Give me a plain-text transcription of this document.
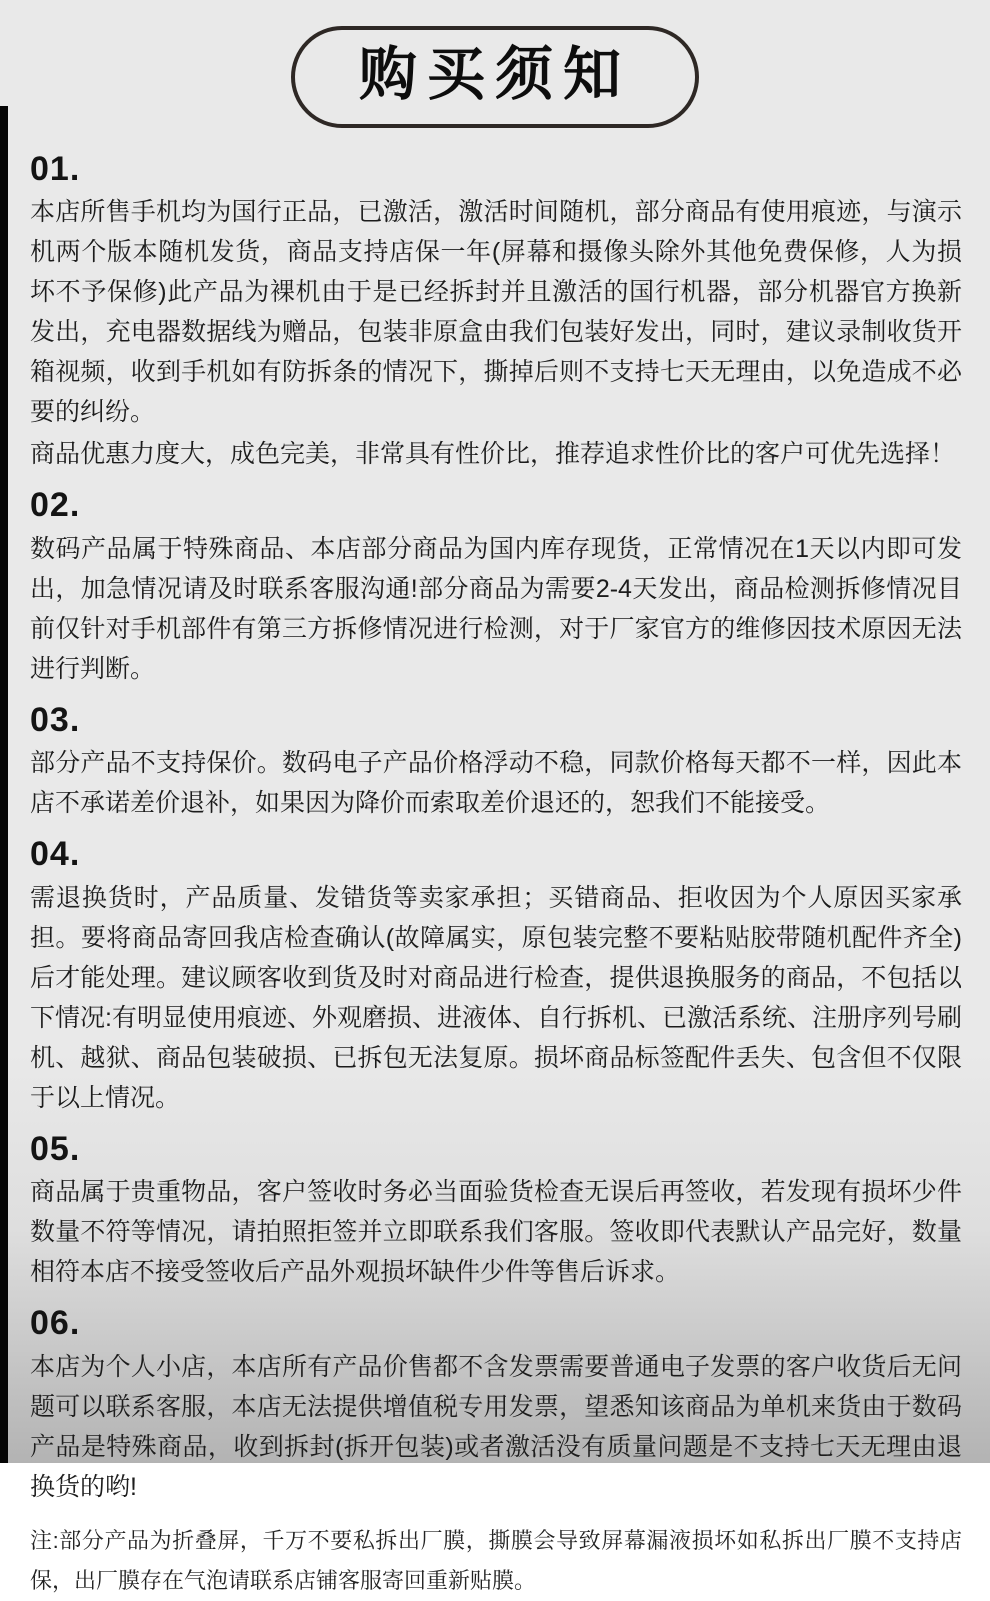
购买须知
01.

本店所售手机均为国行正品，已激活，激活时间随机，部分商品有使用痕迹，与演示机两个版本随机发货，商品支持店保一年(屏幕和摄像头除外其他免费保修，人为损坏不予保修)此产品为裸机由于是已经拆封并且激活的国行机器，部分机器官方换新发出，充电器数据线为赠品，包装非原盒由我们包装好发出，同时，建议录制收货开箱视频，收到手机如有防拆条的情况下，撕掉后则不支持七天无理由，以免造成不必要的纠纷。

商品优惠力度大，成色完美，非常具有性价比，推荐追求性价比的客户可优先选择！

02.

数码产品属于特殊商品、本店部分商品为国内库存现货，正常情况在1天以内即可发出，加急情况请及时联系客服沟通!部分商品为需要2-4天发出，商品检测拆修情况目前仅针对手机部件有第三方拆修情况进行检测，对于厂家官方的维修因技术原因无法进行判断。

03.

部分产品不支持保价。数码电子产品价格浮动不稳，同款价格每天都不一样，因此本店不承诺差价退补，如果因为降价而索取差价退还的，恕我们不能接受。

04.

需退换货时，产品质量、发错货等卖家承担；买错商品、拒收因为个人原因买家承担。要将商品寄回我店检查确认(故障属实，原包装完整不要粘贴胶带随机配件齐全)后才能处理。建议顾客收到货及时对商品进行检查，提供退换服务的商品，不包括以下情况:有明显使用痕迹、外观磨损、进液体、自行拆机、已激活系统、注册序列号刷机、越狱、商品包装破损、已拆包无法复原。损坏商品标签配件丢失、包含但不仅限于以上情况。

05.

商品属于贵重物品，客户签收时务必当面验货检查无误后再签收，若发现有损坏少件数量不符等情况，请拍照拒签并立即联系我们客服。签收即代表默认产品完好，数量相符本店不接受签收后产品外观损坏缺件少件等售后诉求。

06.

本店为个人小店，本店所有产品价售都不含发票需要普通电子发票的客户收货后无问题可以联系客服，本店无法提供增值税专用发票，望悉知该商品为单机来货由于数码产品是特殊商品，收到拆封(拆开包装)或者激活没有质量问题是不支持七天无理由退换货的哟!

注:部分产品为折叠屏，千万不要私拆出厂膜，撕膜会导致屏幕漏液损坏如私拆出厂膜不支持店保，出厂膜存在气泡请联系店铺客服寄回重新贴膜。
